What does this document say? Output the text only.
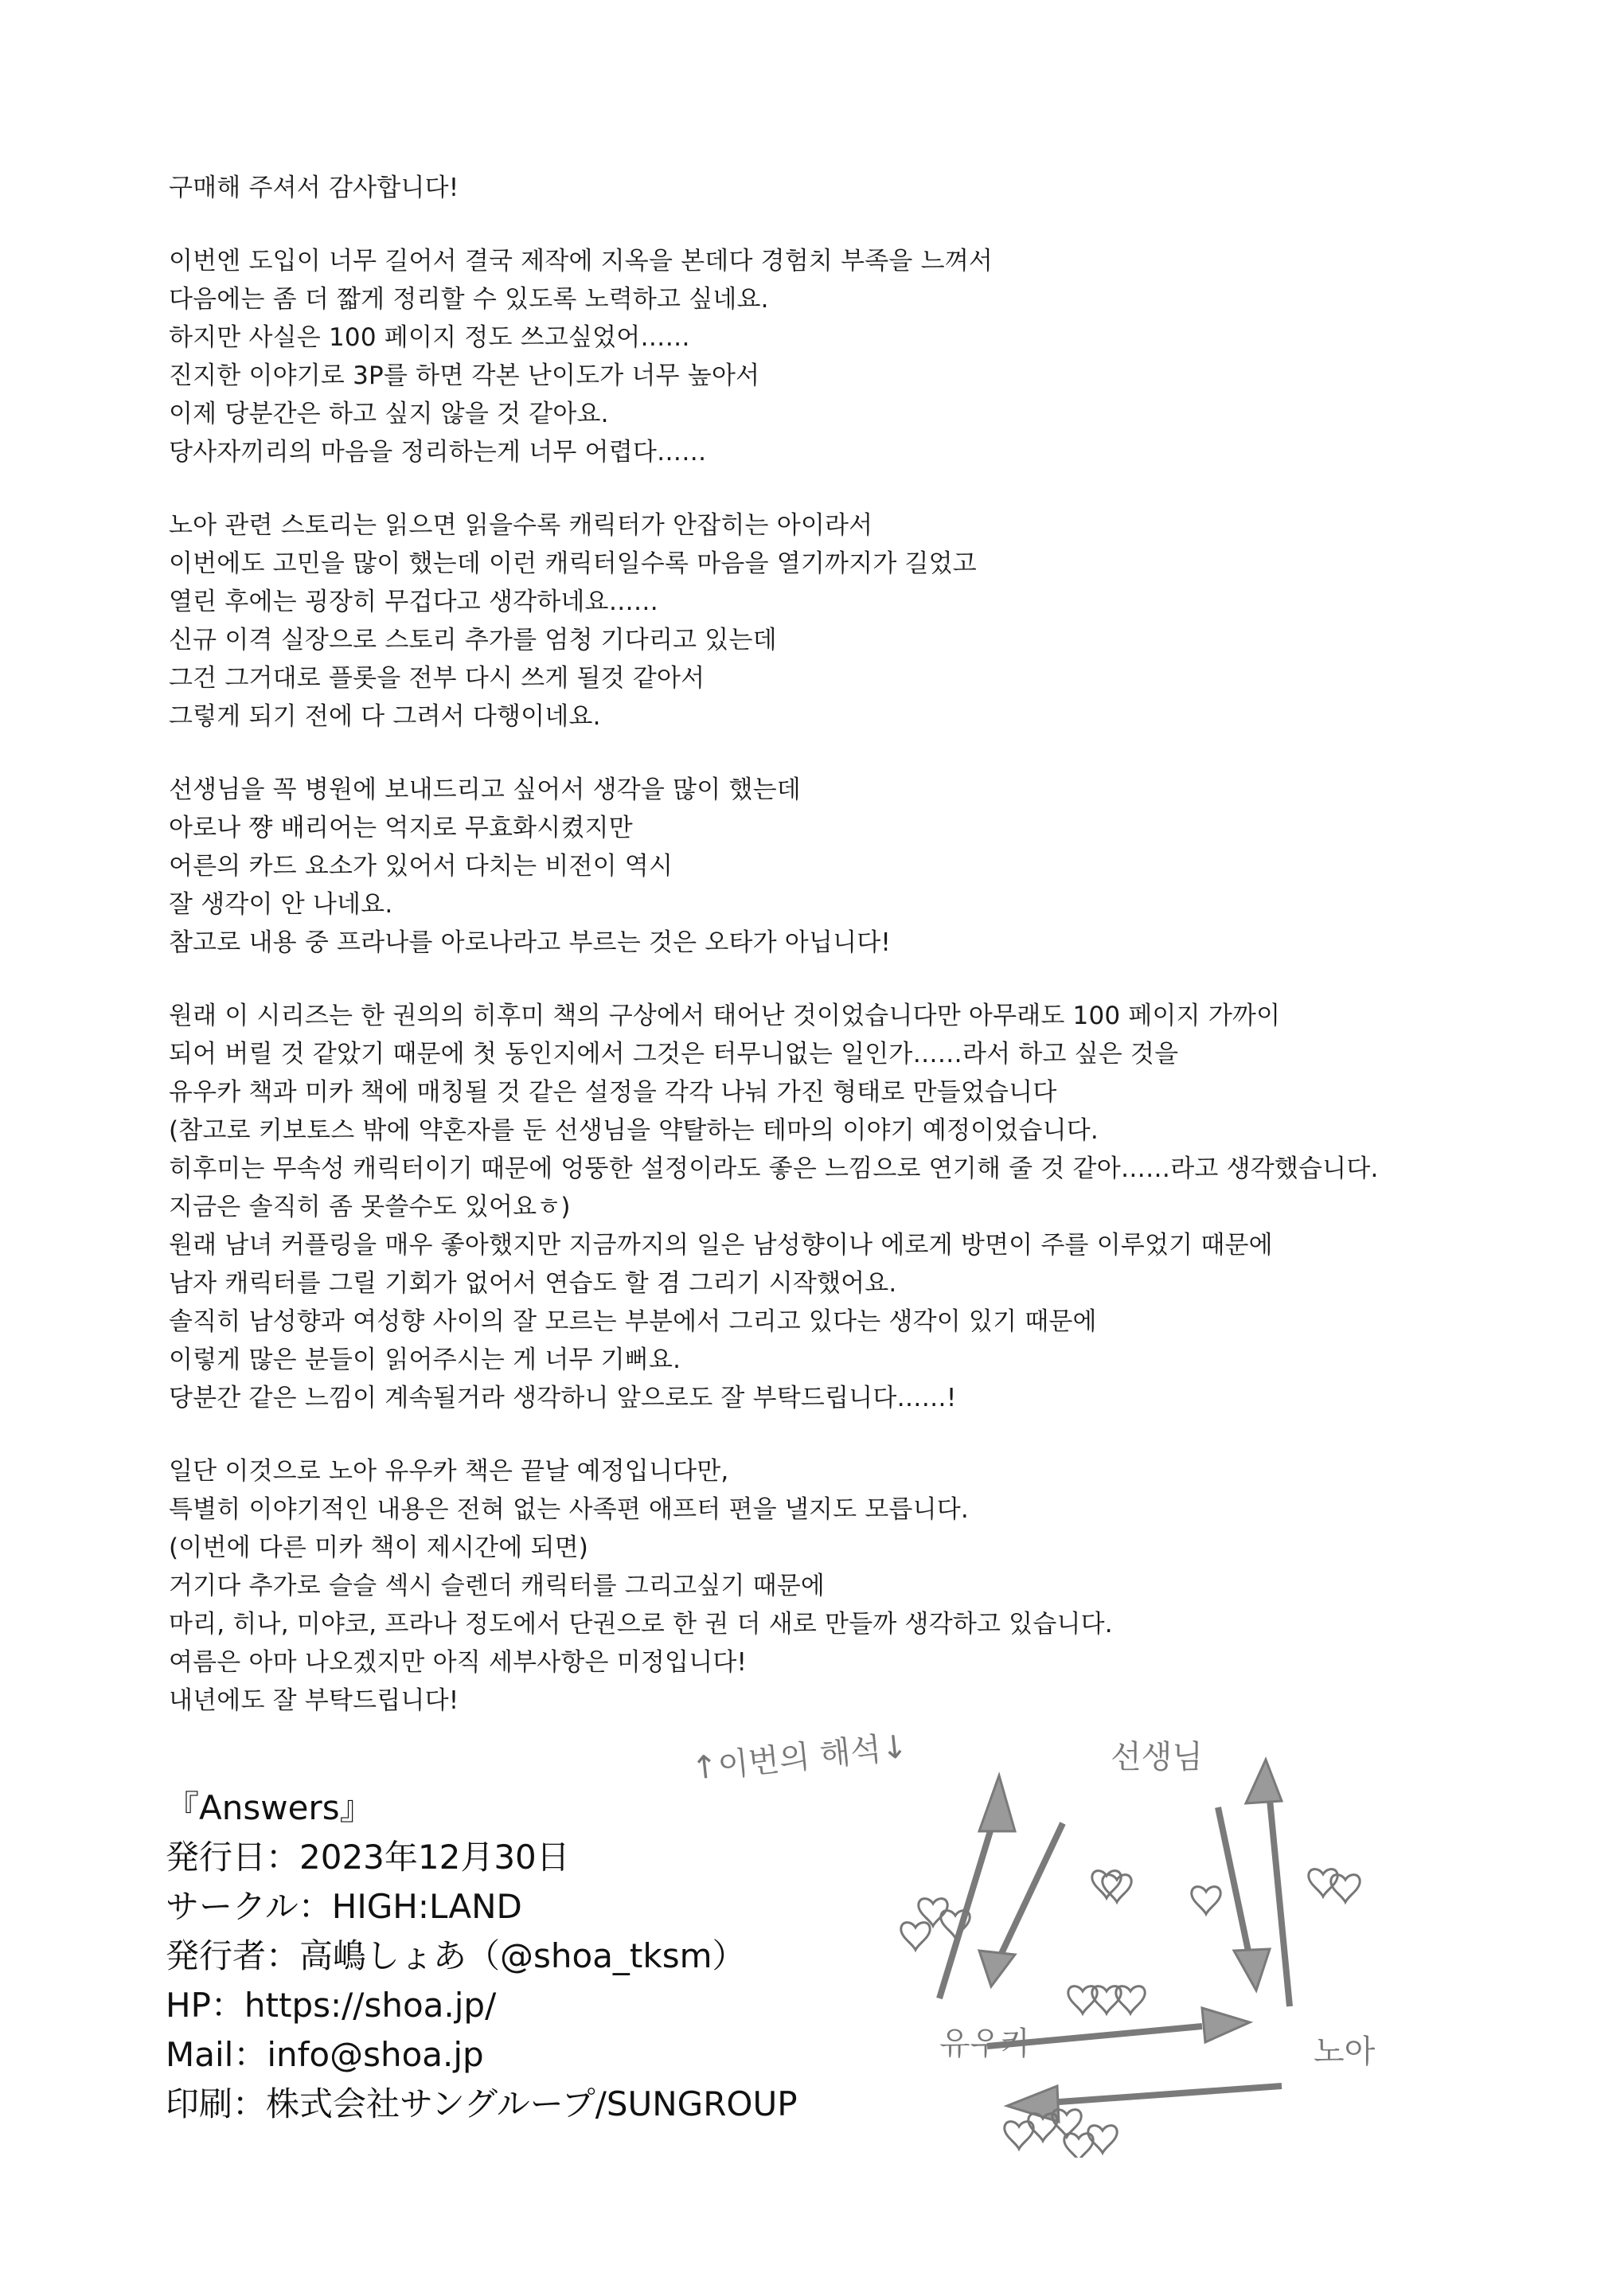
구매해 주셔서 감사합니다!
이번엔 도입이 너무 길어서 결국 제작에 지옥을 본데다 경험치 부족을 느껴서
다음에는 좀 더 짧게 정리할 수 있도록 노력하고 싶네요.
하지만 사실은 100 페이지 정도 쓰고싶었어……
진지한 이야기로 3P를 하면 각본 난이도가 너무 높아서
이제 당분간은 하고 싶지 않을 것 같아요.
당사자끼리의 마음을 정리하는게 너무 어렵다……
노아 관련 스토리는 읽으면 읽을수록 캐릭터가 안잡히는 아이라서
이번에도 고민을 많이 했는데 이런 캐릭터일수록 마음을 열기까지가 길었고
열린 후에는 굉장히 무겁다고 생각하네요……
신규 이격 실장으로 스토리 추가를 엄청 기다리고 있는데
그건 그거대로 플롯을 전부 다시 쓰게 될것 같아서
그렇게 되기 전에 다 그려서 다행이네요.
선생님을 꼭 병원에 보내드리고 싶어서 생각을 많이 했는데
아로나 쨩 배리어는 억지로 무효화시켰지만
어른의 카드 요소가 있어서 다치는 비전이 역시
잘 생각이 안 나네요.
참고로 내용 중 프라나를 아로나라고 부르는 것은 오타가 아닙니다!
원래 이 시리즈는 한 권의의 히후미 책의 구상에서 태어난 것이었습니다만 아무래도 100 페이지 가까이
되어 버릴 것 같았기 때문에 첫 동인지에서 그것은 터무니없는 일인가……라서 하고 싶은 것을
유우카 책과 미카 책에 매칭될 것 같은 설정을 각각 나눠 가진 형태로 만들었습니다
(참고로 키보토스 밖에 약혼자를 둔 선생님을 약탈하는 테마의 이야기 예정이었습니다.
히후미는 무속성 캐릭터이기 때문에 엉뚱한 설정이라도 좋은 느낌으로 연기해 줄 것 같아……라고 생각했습니다.
지금은 솔직히 좀 못쓸수도 있어요ㅎ)
원래 남녀 커플링을 매우 좋아했지만 지금까지의 일은 남성향이나 에로게 방면이 주를 이루었기 때문에
남자 캐릭터를 그릴 기회가 없어서 연습도 할 겸 그리기 시작했어요.
솔직히 남성향과 여성향 사이의 잘 모르는 부분에서 그리고 있다는 생각이 있기 때문에
이렇게 많은 분들이 읽어주시는 게 너무 기뻐요.
당분간 같은 느낌이 계속될거라 생각하니 앞으로도 잘 부탁드립니다……!
일단 이것으로 노아 유우카 책은 끝날 예정입니다만,
특별히 이야기적인 내용은 전혀 없는 사족편 애프터 편을 낼지도 모릅니다.
(이번에 다른 미카 책이 제시간에 되면)
거기다 추가로 슬슬 섹시 슬렌더 캐릭터를 그리고싶기 때문에
마리, 히나, 미야코, 프라나 정도에서 단권으로 한 권 더 새로 만들까 생각하고 있습니다.
여름은 아마 나오겠지만 아직 세부사항은 미정입니다!
내년에도 잘 부탁드립니다!
『Answers』
発行日：2023年12月30日
サークル：HIGH:LAND
発行者：高嶋しょあ（@shoa_tksm）
HP：https://shoa.jp/
Mail：info@shoa.jp
印刷：株式会社サングループ/SUNGROUP
↑이번의 해석↓	선생님
유우카	노아
